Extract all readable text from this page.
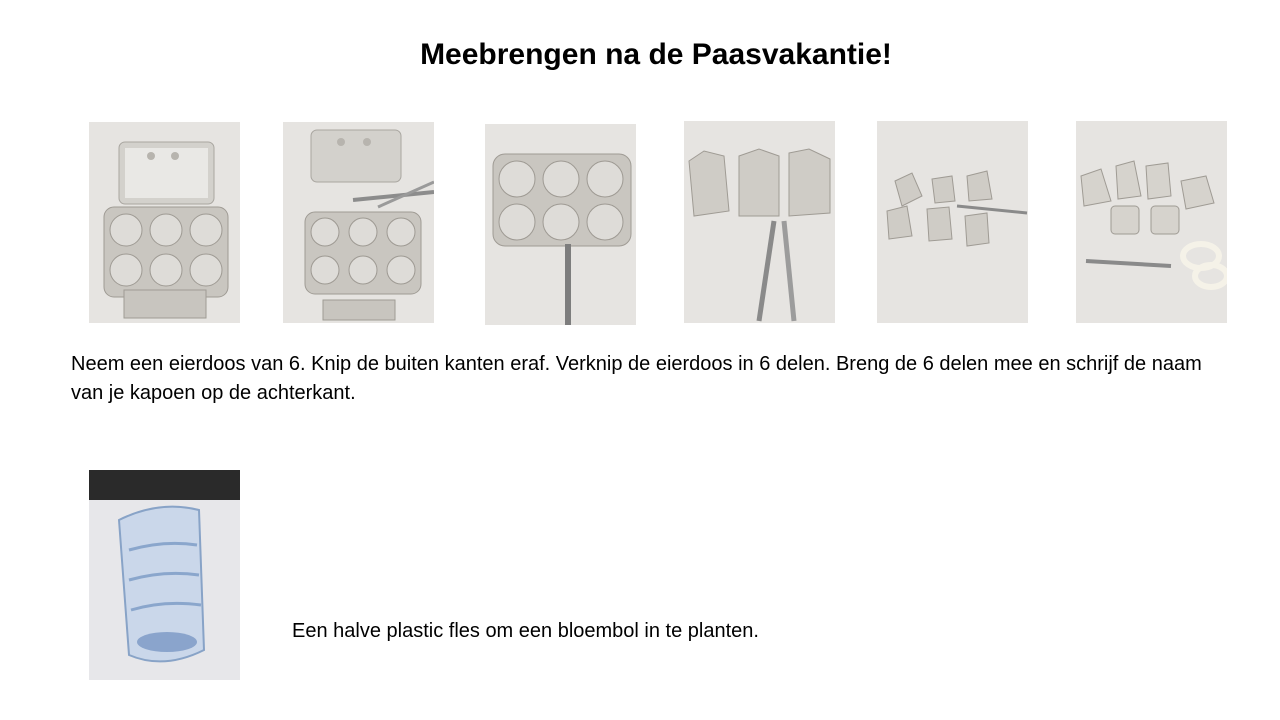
Meebrengen na de Paasvakantie!
Neem een eierdoos van 6. Knip de buiten kanten eraf. Verknip de eierdoos in 6 delen. Breng de 6 delen mee en schrijf de naam van je kapoen op de achterkant.
Een halve plastic fles om een bloembol in te planten.
